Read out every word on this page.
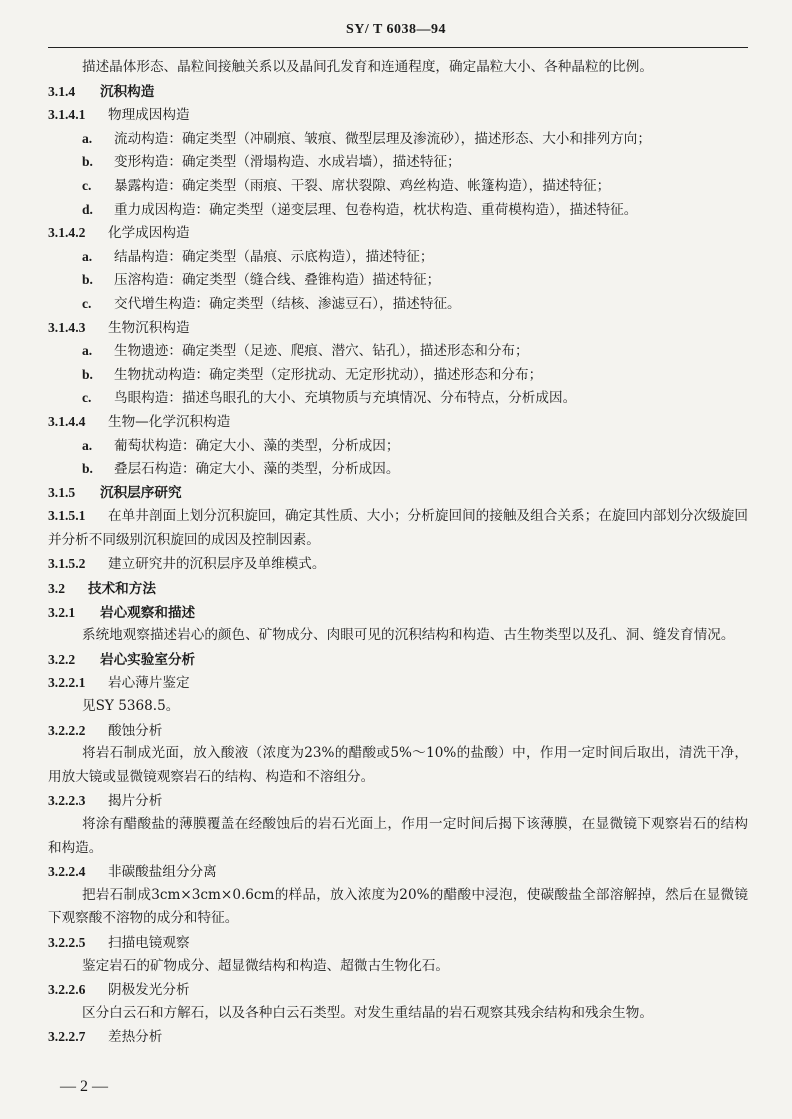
SY/ T 6038—94
描述晶体形态、晶粒间接触关系以及晶间孔发育和连通程度，确定晶粒大小、各种晶粒的比例。
3.1.4 沉积构造
3.1.4.1 物理成因构造
a. 流动构造：确定类型（冲刷痕、皱痕、微型层理及渗流砂），描述形态、大小和排列方向；
b. 变形构造：确定类型（滑塌构造、水成岩墙），描述特征；
c. 暴露构造：确定类型（雨痕、干裂、席状裂隙、鸡丝构造、帐篷构造），描述特征；
d. 重力成因构造：确定类型（递变层理、包卷构造，枕状构造、重荷模构造），描述特征。
3.1.4.2 化学成因构造
a. 结晶构造：确定类型（晶痕、示底构造），描述特征；
b. 压溶构造：确定类型（缝合线、叠锥构造）描述特征；
c. 交代增生构造：确定类型（结核、渗滤豆石），描述特征。
3.1.4.3 生物沉积构造
a. 生物遗迹：确定类型（足迹、爬痕、潜穴、钻孔），描述形态和分布；
b. 生物扰动构造：确定类型（定形扰动、无定形扰动），描述形态和分布；
c. 鸟眼构造：描述鸟眼孔的大小、充填物质与充填情况、分布特点，分析成因。
3.1.4.4 生物—化学沉积构造
a. 葡萄状构造：确定大小、藻的类型，分析成因；
b. 叠层石构造：确定大小、藻的类型，分析成因。
3.1.5 沉积层序研究
3.1.5.1 在单井剖面上划分沉积旋回，确定其性质、大小；分析旋回间的接触及组合关系；在旋回内部划分次级旋回并分析不同级别沉积旋回的成因及控制因素。
3.1.5.2 建立研究井的沉积层序及单维模式。
3.2 技术和方法
3.2.1 岩心观察和描述
系统地观察描述岩心的颜色、矿物成分、肉眼可见的沉积结构和构造、古生物类型以及孔、洞、缝发育情况。
3.2.2 岩心实验室分析
3.2.2.1 岩心薄片鉴定
见SY 5368.5。
3.2.2.2 酸蚀分析
将岩石制成光面，放入酸液（浓度为23%的醋酸或5%～10%的盐酸）中，作用一定时间后取出，清洗干净，用放大镜或显微镜观察岩石的结构、构造和不溶组分。
3.2.2.3 揭片分析
将涂有醋酸盐的薄膜覆盖在经酸蚀后的岩石光面上，作用一定时间后揭下该薄膜，在显微镜下观察岩石的结构和构造。
3.2.2.4 非碳酸盐组分分离
把岩石制成3cm×3cm×0.6cm的样品，放入浓度为20%的醋酸中浸泡，使碳酸盐全部溶解掉，然后在显微镜下观察酸不溶物的成分和特征。
3.2.2.5 扫描电镜观察
鉴定岩石的矿物成分、超显微结构和构造、超微古生物化石。
3.2.2.6 阴极发光分析
区分白云石和方解石，以及各种白云石类型。对发生重结晶的岩石观察其残余结构和残余生物。
3.2.2.7 差热分析
— 2 —
